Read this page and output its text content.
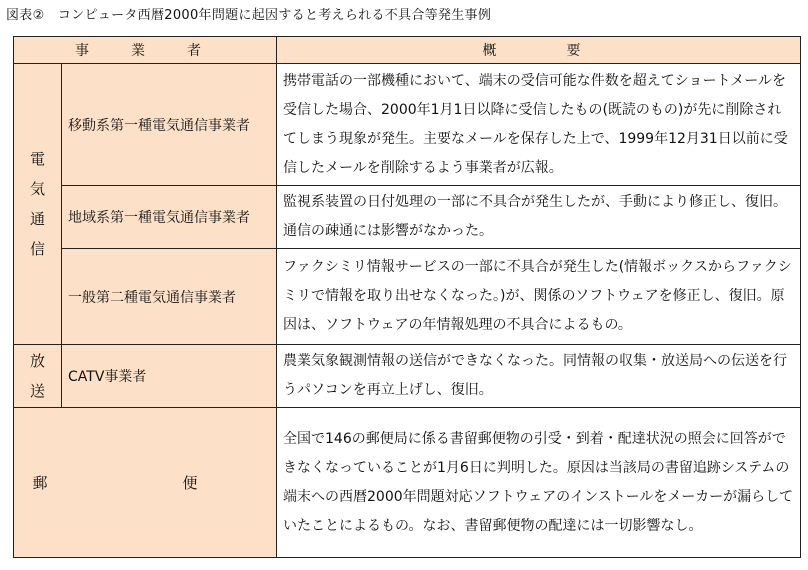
図表②　コンピュータ西暦2000年問題に起因すると考えられる不具合等発生事例
事　業　者		概　　要

電
気
通
信	移動系第一種電気通信事業者	携帯電話の一部機種において、端末の受信可能な件数を超えてショートメールを受信した場合、2000年1月1日以降に受信したもの(既読のもの)が先に削除されてしまう現象が発生。主要なメールを保存した上で、1999年12月31日以前に受信したメールを削除するよう事業者が広報。
	地域系第一種電気通信事業者	監視系装置の日付処理の一部に不具合が発生したが、手動により修正し、復旧。通信の疎通には影響がなかった。
	一般第二種電気通信事業者	ファクシミリ情報サービスの一部に不具合が発生した(情報ボックスからファクシミリで情報を取り出せなくなった。)が、関係のソフトウェアを修正し、復旧。原因は、ソフトウェアの年情報処理の不具合によるもの。

放
送	CATV事業者	農業気象観測情報の送信ができなくなった。同情報の収集・放送局への伝送を行うパソコンを再立上げし、復旧。
郵　便		全国で146の郵便局に係る書留郵便物の引受・到着・配達状況の照会に回答ができなくなっていることが1月6日に判明した。原因は当該局の書留追跡システムの端末への西暦2000年問題対応ソフトウェアのインストールをメーカーが漏らしていたことによるもの。なお、書留郵便物の配達には一切影響なし。
